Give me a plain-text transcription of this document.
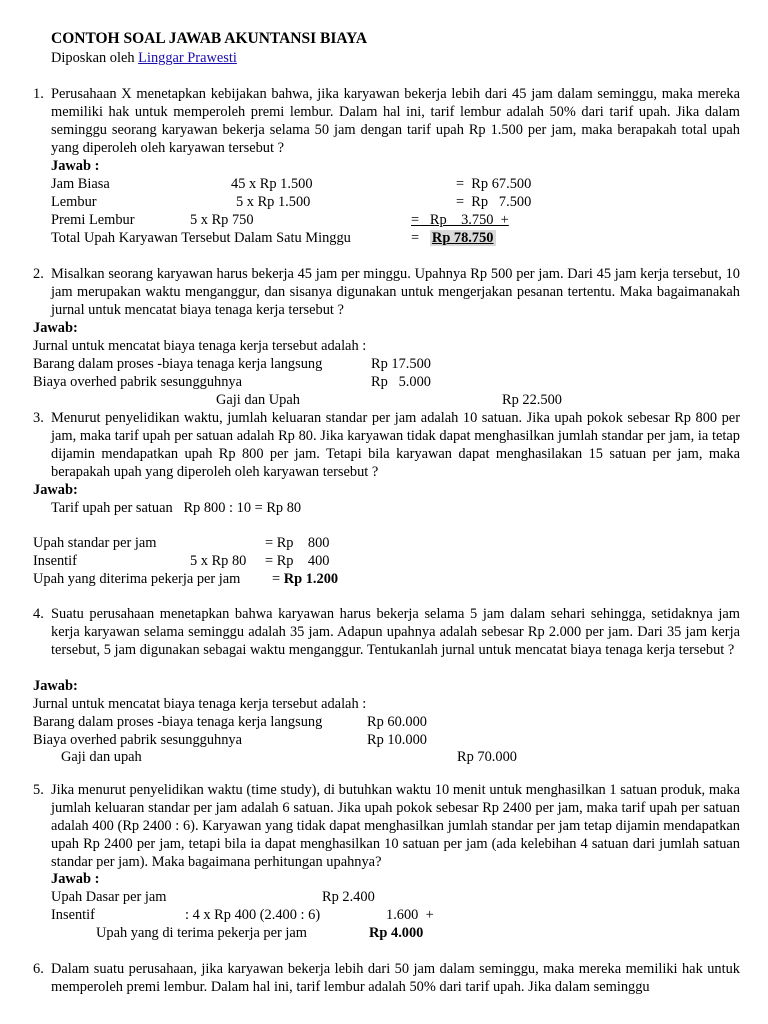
CONTOH SOAL JAWAB AKUNTANSI BIAYA
Diposkan oleh Linggar Prawesti
1. Perusahaan X menetapkan kebijakan bahwa, jika karyawan bekerja lebih dari 45 jam dalam seminggu, maka mereka memiliki hak untuk memperoleh premi lembur. Dalam hal ini, tarif lembur adalah 50% dari tarif upah. Jika dalam seminggu seorang karyawan bekerja selama 50 jam dengan tarif upah Rp 1.500 per jam, maka berapakah total upah yang diperoleh oleh karyawan tersebut ?
Jawab :
Jam Biasa	45 x Rp 1.500	=  Rp 67.500
Lembur	5 x Rp 1.500	=  Rp   7.500
Premi Lembur	5 x Rp 750	= Rp    3.750  +
Total Upah Karyawan Tersebut Dalam Satu Minggu	= Rp 78.750
2. Misalkan seorang karyawan harus bekerja 45 jam per minggu. Upahnya Rp 500 per jam. Dari 45 jam kerja tersebut, 10 jam merupakan waktu menganggur, dan sisanya digunakan untuk mengerjakan pesanan tertentu. Maka bagaimanakah jurnal untuk mencatat biaya tenaga kerja tersebut ?
Jawab:
Jurnal untuk mencatat biaya tenaga kerja tersebut adalah :
Barang dalam proses -biaya tenaga kerja langsung	Rp 17.500
Biaya overhed pabrik sesungguhnya	Rp   5.000
Gaji dan Upah	Rp 22.500
3. Menurut penyelidikan waktu, jumlah keluaran standar per jam adalah 10 satuan. Jika upah pokok sebesar Rp 800 per jam, maka tarif upah per satuan adalah Rp 80. Jika karyawan tidak dapat menghasilkan jumlah standar per jam, ia tetap dijamin mendapatkan upah Rp 800 per jam. Tetapi bila karyawan dapat menghasilakan 15 satuan per jam, maka berapakah upah yang diperoleh oleh karyawan tersebut ?
Jawab:
Tarif upah per satuan   Rp 800 : 10 = Rp 80
Upah standar per jam	= Rp    800
Insentif	5 x Rp 80 = Rp    400
Upah yang diterima pekerja per jam = Rp 1.200
4. Suatu perusahaan menetapkan bahwa karyawan harus bekerja selama 5 jam dalam sehari sehingga, setidaknya jam kerja karyawan selama seminggu adalah 35 jam. Adapun upahnya adalah sebesar Rp 2.000 per jam. Dari 35 jam kerja tersebut, 5 jam digunakan sebagai waktu menganggur. Tentukanlah jurnal untuk mencatat biaya tenaga kerja tersebut ?
Jawab:
Jurnal untuk mencatat biaya tenaga kerja tersebut adalah :
Barang dalam proses -biaya tenaga kerja langsung	Rp 60.000
Biaya overhed pabrik sesungguhnya	Rp 10.000
Gaji dan upah	Rp 70.000
5. Jika menurut penyelidikan waktu (time study), di butuhkan waktu 10 menit untuk menghasilkan 1 satuan produk, maka jumlah keluaran standar per jam adalah 6 satuan. Jika upah pokok sebesar Rp 2400 per jam, maka tarif upah per satuan adalah 400 (Rp 2400 : 6). Karyawan yang tidak dapat menghasilkan jumlah standar per jam tetap dijamin mendapatkan upah Rp 2400 per jam, tetapi bila ia dapat menghasilkan 10 satuan per jam (ada kelebihan 4 satuan dari jumlah satuan standar per jam). Maka bagaimana perhitungan upahnya?
Jawab :
Upah Dasar per jam	Rp 2.400
Insentif	: 4 x Rp 400 (2.400 : 6)	1.600  +
Upah yang di terima pekerja per jam	Rp 4.000
6. Dalam suatu perusahaan, jika karyawan bekerja lebih dari 50 jam dalam seminggu, maka mereka memiliki hak untuk memperoleh premi lembur. Dalam hal ini, tarif lembur adalah 50% dari tarif upah. Jika dalam seminggu
